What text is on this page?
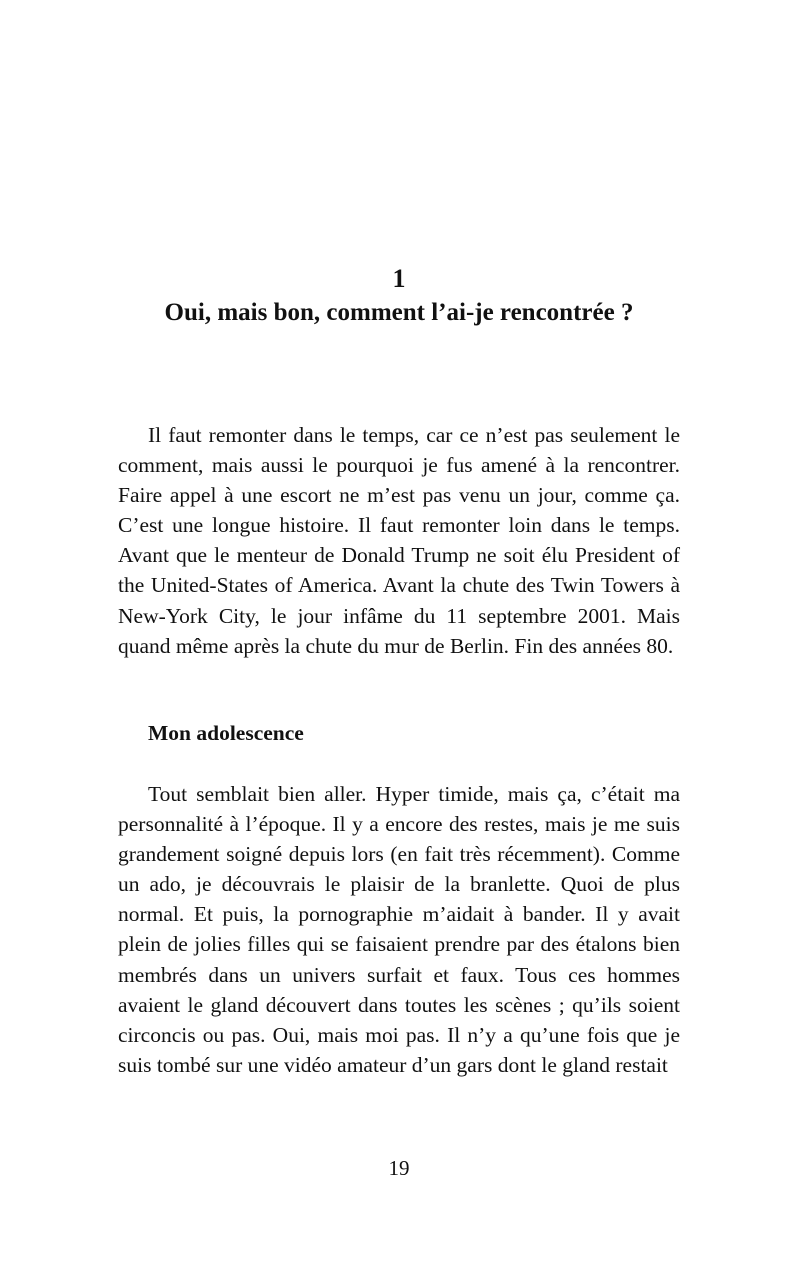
1
Oui, mais bon, comment l’ai-je rencontrée ?

Il faut remonter dans le temps, car ce n’est pas seulement le comment, mais aussi le pourquoi je fus amené à la rencontrer. Faire appel à une escort ne m’est pas venu un jour, comme ça. C’est une longue histoire. Il faut remonter loin dans le temps. Avant que le menteur de Donald Trump ne soit élu President of the United-States of America. Avant la chute des Twin Towers à New-York City, le jour infâme du 11 septembre 2001. Mais quand même après la chute du mur de Berlin. Fin des années 80.

Mon adolescence

Tout semblait bien aller. Hyper timide, mais ça, c’était ma personnalité à l’époque. Il y a encore des restes, mais je me suis grandement soigné depuis lors (en fait très récemment). Comme un ado, je découvrais le plaisir de la branlette. Quoi de plus normal. Et puis, la pornographie m’aidait à bander. Il y avait plein de jolies filles qui se faisaient prendre par des étalons bien membrés dans un univers surfait et faux. Tous ces hommes avaient le gland découvert dans toutes les scènes ; qu’ils soient circoncis ou pas. Oui, mais moi pas. Il n’y a qu’une fois que je suis tombé sur une vidéo amateur d’un gars dont le gland restait

19
